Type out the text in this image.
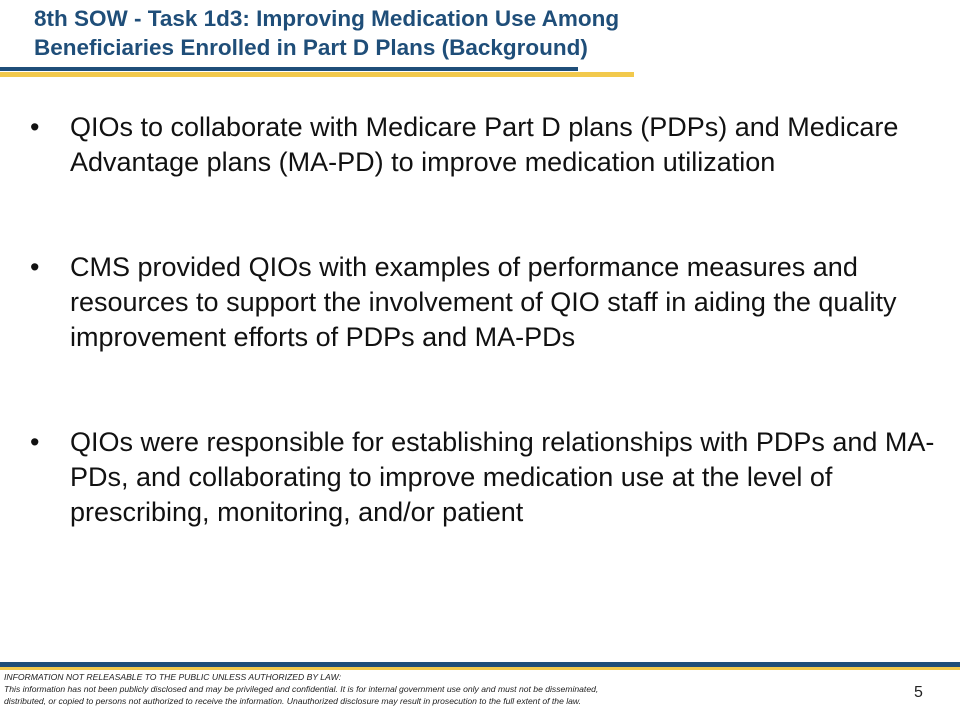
8th SOW - Task 1d3: Improving Medication Use Among
Beneficiaries Enrolled in Part D Plans (Background)
• QIOs to collaborate with Medicare Part D plans (PDPs) and Medicare Advantage plans (MA-PD) to improve medication utilization
• CMS provided QIOs with examples of performance measures and resources to support the involvement of QIO staff in aiding the quality improvement efforts of PDPs and MA-PDs
• QIOs were responsible for establishing relationships with PDPs and MA-PDs, and collaborating to improve medication use at the level of prescribing, monitoring, and/or patient
INFORMATION NOT RELEASABLE TO THE PUBLIC UNLESS AUTHORIZED BY LAW:
This information has not been publicly disclosed and may be privileged and confidential. It is for internal government use only and must not be disseminated,
distributed, or copied to persons not authorized to receive the information. Unauthorized disclosure may result in prosecution to the full extent of the law.	5
